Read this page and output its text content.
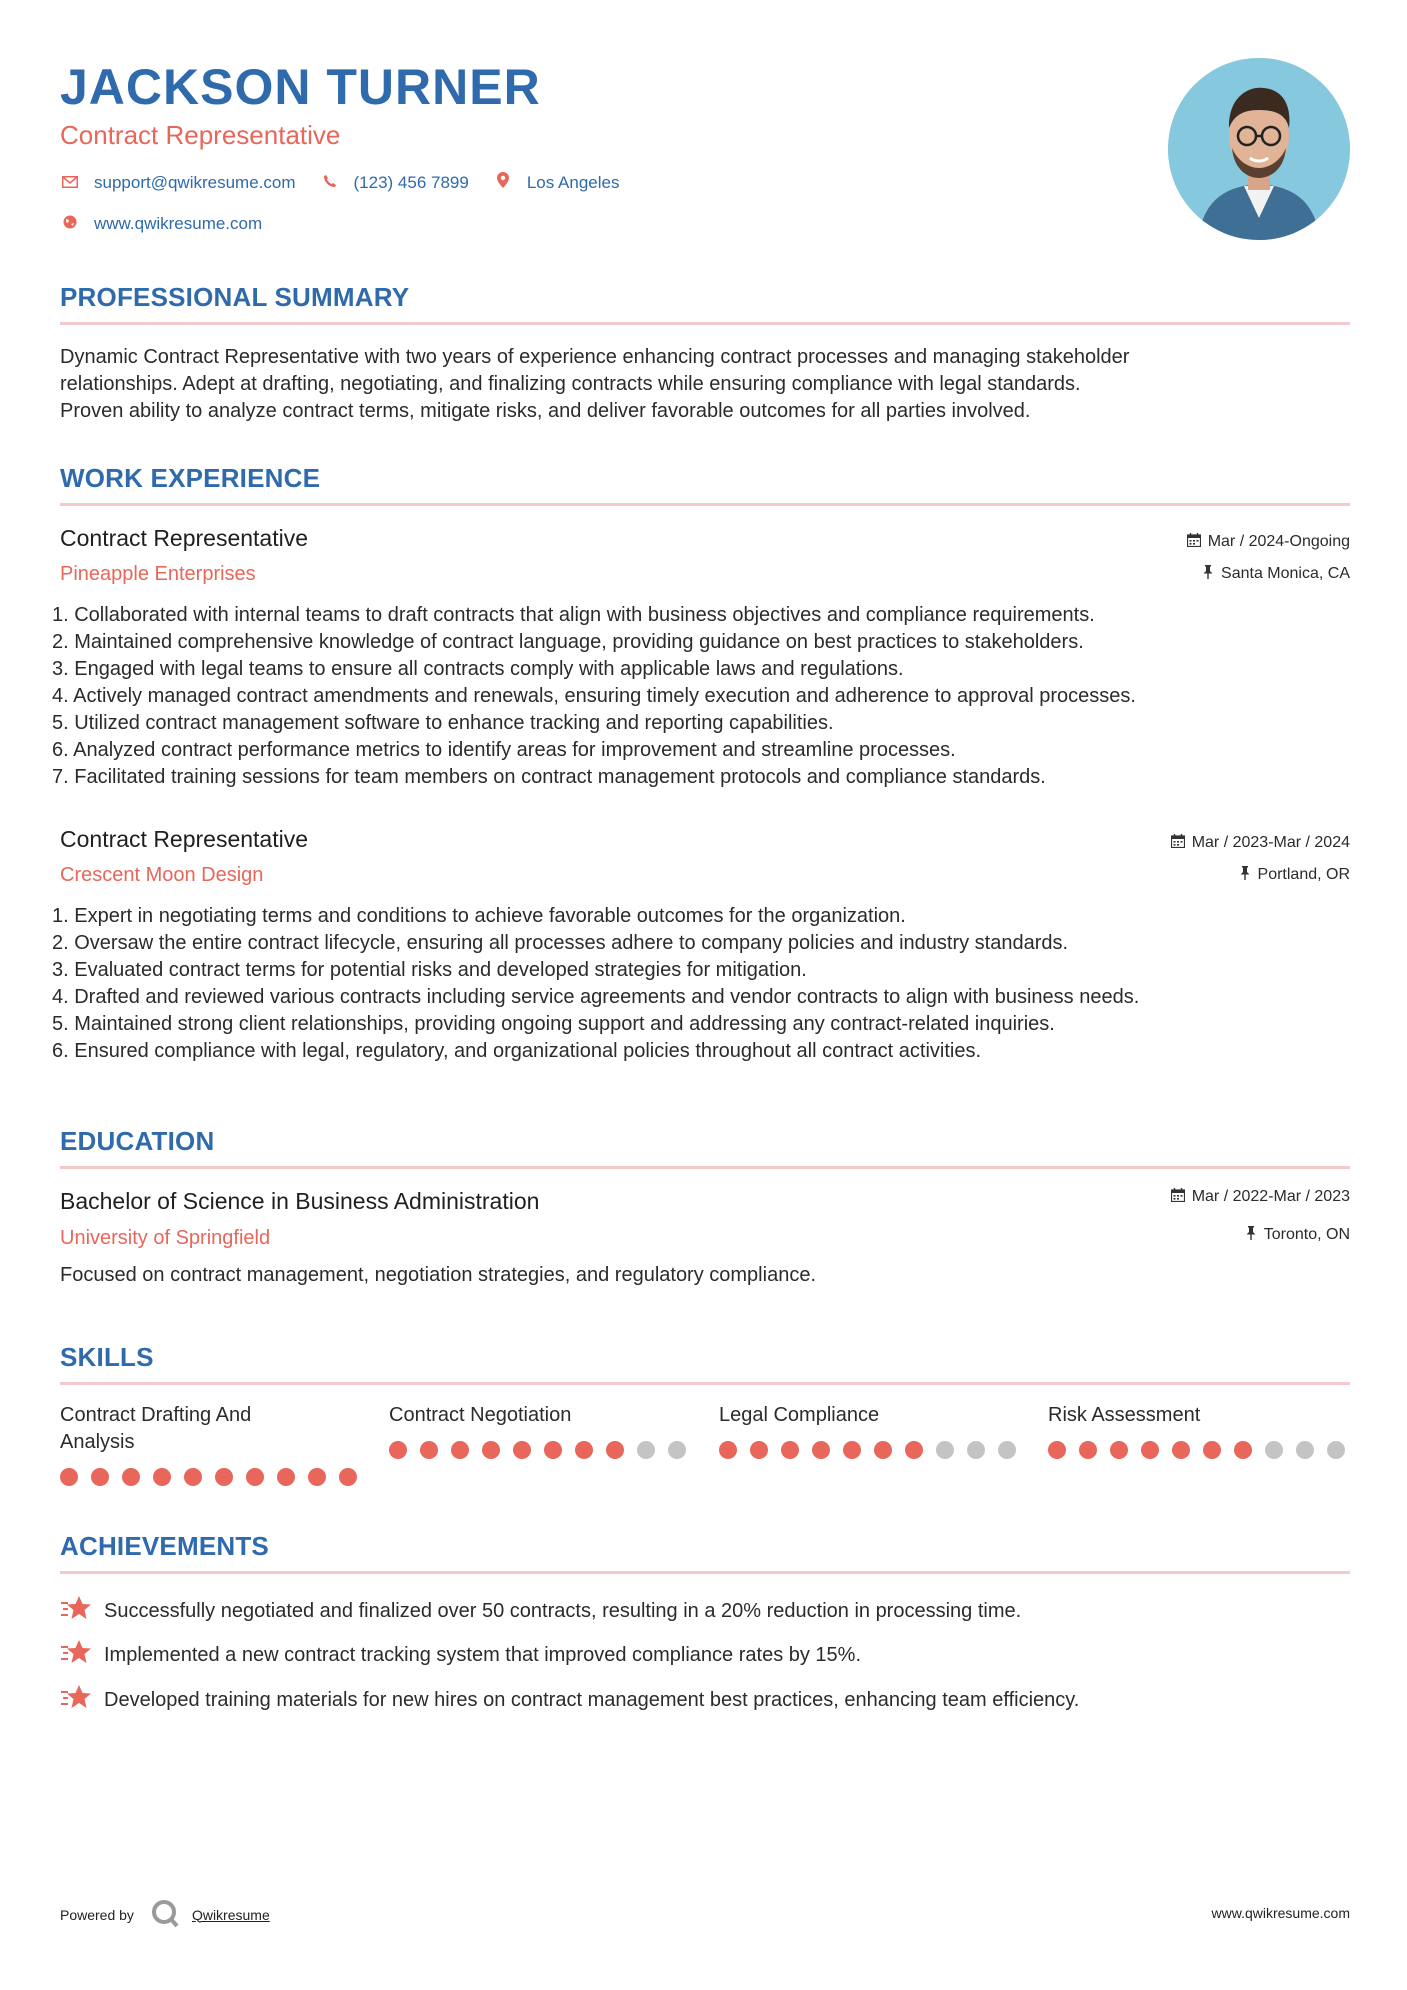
JACKSON TURNER
Contract Representative
support@qwikresume.com	(123) 456 7899	Los Angeles
www.qwikresume.com
PROFESSIONAL SUMMARY
Dynamic Contract Representative with two years of experience enhancing contract processes and managing stakeholder
relationships. Adept at drafting, negotiating, and finalizing contracts while ensuring compliance with legal standards.
Proven ability to analyze contract terms, mitigate risks, and deliver favorable outcomes for all parties involved.
WORK EXPERIENCE
Contract Representative
Pineapple Enterprises
Mar / 2024-Ongoing
Santa Monica, CA
1. Collaborated with internal teams to draft contracts that align with business objectives and compliance requirements.
2. Maintained comprehensive knowledge of contract language, providing guidance on best practices to stakeholders.
3. Engaged with legal teams to ensure all contracts comply with applicable laws and regulations.
4. Actively managed contract amendments and renewals, ensuring timely execution and adherence to approval processes.
5. Utilized contract management software to enhance tracking and reporting capabilities.
6. Analyzed contract performance metrics to identify areas for improvement and streamline processes.
7. Facilitated training sessions for team members on contract management protocols and compliance standards.
Contract Representative
Crescent Moon Design
Mar / 2023-Mar / 2024
Portland, OR
1. Expert in negotiating terms and conditions to achieve favorable outcomes for the organization.
2. Oversaw the entire contract lifecycle, ensuring all processes adhere to company policies and industry standards.
3. Evaluated contract terms for potential risks and developed strategies for mitigation.
4. Drafted and reviewed various contracts including service agreements and vendor contracts to align with business needs.
5. Maintained strong client relationships, providing ongoing support and addressing any contract-related inquiries.
6. Ensured compliance with legal, regulatory, and organizational policies throughout all contract activities.
EDUCATION
Bachelor of Science in Business Administration
University of Springfield
Mar / 2022-Mar / 2023
Toronto, ON
Focused on contract management, negotiation strategies, and regulatory compliance.
SKILLS
Contract Drafting And
Analysis
Contract Negotiation	Legal Compliance	Risk Assessment
ACHIEVEMENTS
Successfully negotiated and finalized over 50 contracts, resulting in a 20% reduction in processing time.
Implemented a new contract tracking system that improved compliance rates by 15%.
Developed training materials for new hires on contract management best practices, enhancing team efficiency.
Powered by	Qwikresume	www.qwikresume.com
